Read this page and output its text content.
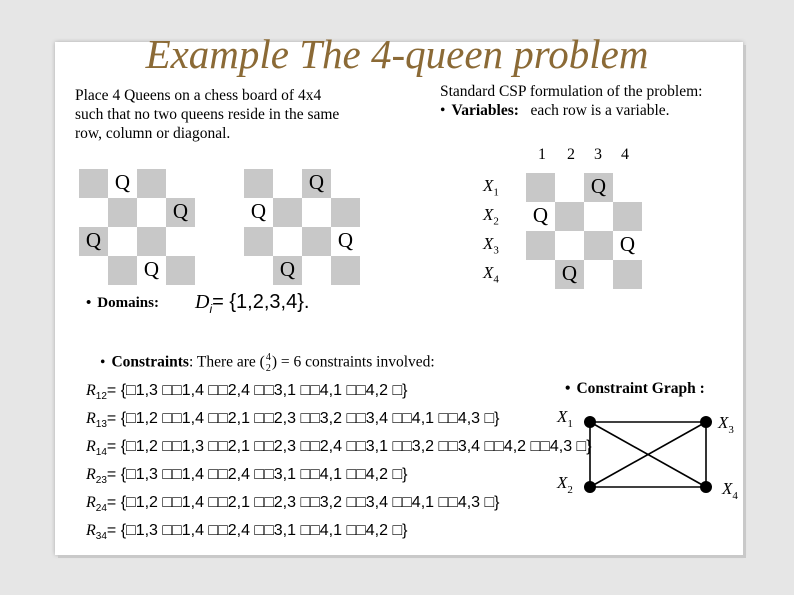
Example The 4-queen problem
Place 4 Queens on a chess board of 4x4
such that no two queens reside in the same
row, column or diagonal.
Standard CSP formulation of the problem:
• Variables: each row is a variable.
1 2 3 4
Q
Q
Q
Q
Q
Q
Q
Q
Q
Q
Q
Q
$X_1$
$X_2$
$X_3$
$X_4$
• Domains: $D_i= \{1,2,3,4\}$.
• Constraints: There are (4
2) = 6 constraints involved:
$R_{12}=$ {□1,3 □□1,4 □□2,4 □□3,1 □□4,1 □□4,2 □}
$R_{13}=$ {□1,2 □□1,4 □□2,1 □□2,3 □□3,2 □□3,4 □□4,1 □□4,3 □}
$R_{14}=$ {□1,2 □□1,3 □□2,1 □□2,3 □□2,4 □□3,1 □□3,2 □□3,4 □□4,2 □□4,3 □}
$R_{23}=$ {□1,3 □□1,4 □□2,4 □□3,1 □□4,1 □□4,2 □}
$R_{24}=$ {□1,2 □□1,4 □□2,1 □□2,3 □□3,2 □□3,4 □□4,1 □□4,3 □}
$R_{34}=$ {□1,3 □□1,4 □□2,4 □□3,1 □□4,1 □□4,2 □}
• Constraint Graph :
$X_1$	$X_3$
$X_2$	$X_4$
